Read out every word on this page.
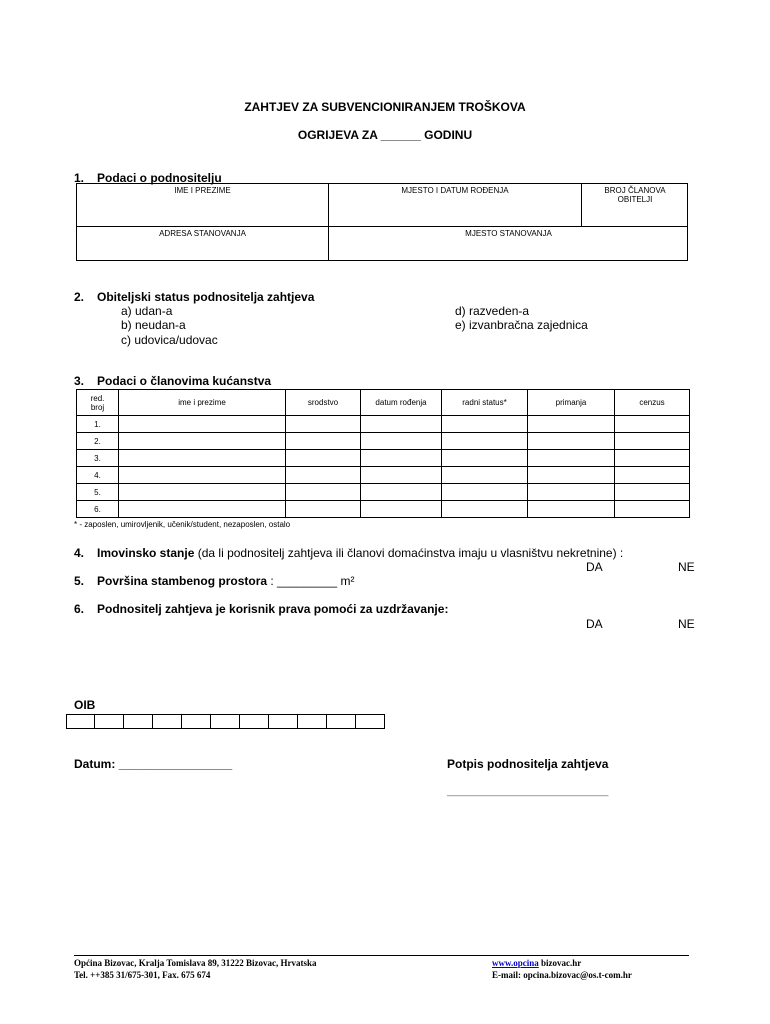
ZAHTJEV ZA SUBVENCIONIRANJEM TROŠKOVA
OGRIJEVA ZA ______ GODINU
1. Podaci o podnositelju
IME I PREZIME	MJESTO I DATUM ROĐENJA	BROJ ČLANOVA
OBITELJI
ADRESA STANOVANJA	MJESTO STANOVANJA
2. Obiteljski status podnositelja zahtjeva
a) udan-a
b) neudan-a
c) udovica/udovac
d) razveden-a
e) izvanbračna zajednica
3. Podaci o članovima kućanstva
red.
broj	ime i prezime	srodstvo	datum rođenja	radni status*	primanja	cenzus
1.						
2.						
3.						
4.						
5.						
6.						
* - zaposlen, umirovljenik, učenik/student, nezaposlen, ostalo
4. Imovinsko stanje (da li podnositelj zahtjeva ili članovi domaćinstva imaju u vlasništvu nekretnine) :
DA	NE
5. Površina stambenog prostora : _________ m²
6. Podnositelj zahtjeva je korisnik prava pomoći za uzdržavanje:
DA	NE
OIB
Datum: _________________	Potpis podnositelja zahtjeva
_____________________________
Općina Bizovac, Kralja Tomislava 89, 31222 Bizovac, Hrvatska
Tel. ++385 31/675-301, Fax. 675 674
www.opcina bizovac.hr
E-mail: opcina.bizovac@os.t-com.hr
